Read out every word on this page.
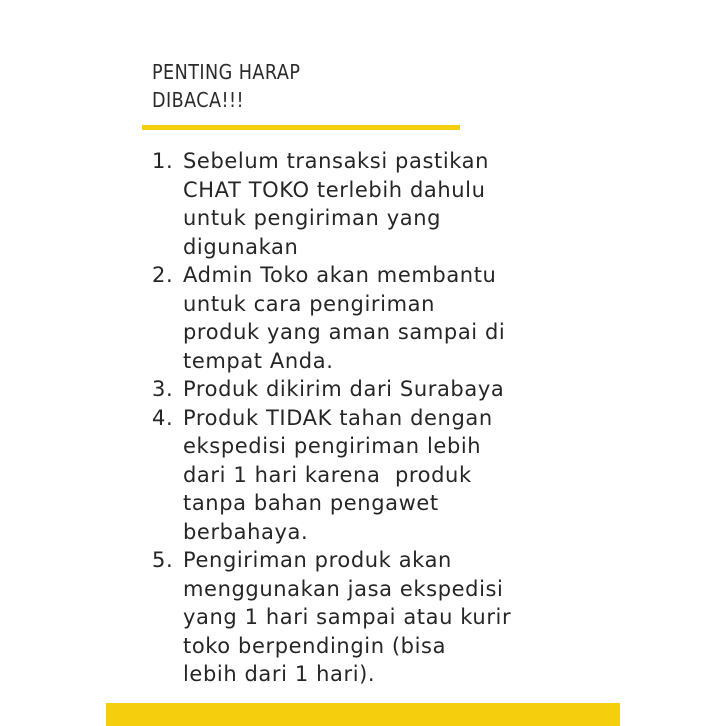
PENTING HARAP
DIBACA!!!
1. Sebelum transaksi pastikan
CHAT TOKO terlebih dahulu
untuk pengiriman yang
digunakan
2. Admin Toko akan membantu
untuk cara pengiriman
produk yang aman sampai di
tempat Anda.
3. Produk dikirim dari Surabaya
4. Produk TIDAK tahan dengan
ekspedisi pengiriman lebih
dari 1 hari karena  produk
tanpa bahan pengawet
berbahaya.
5. Pengiriman produk akan
menggunakan jasa ekspedisi
yang 1 hari sampai atau kurir
toko berpendingin (bisa
lebih dari 1 hari).
